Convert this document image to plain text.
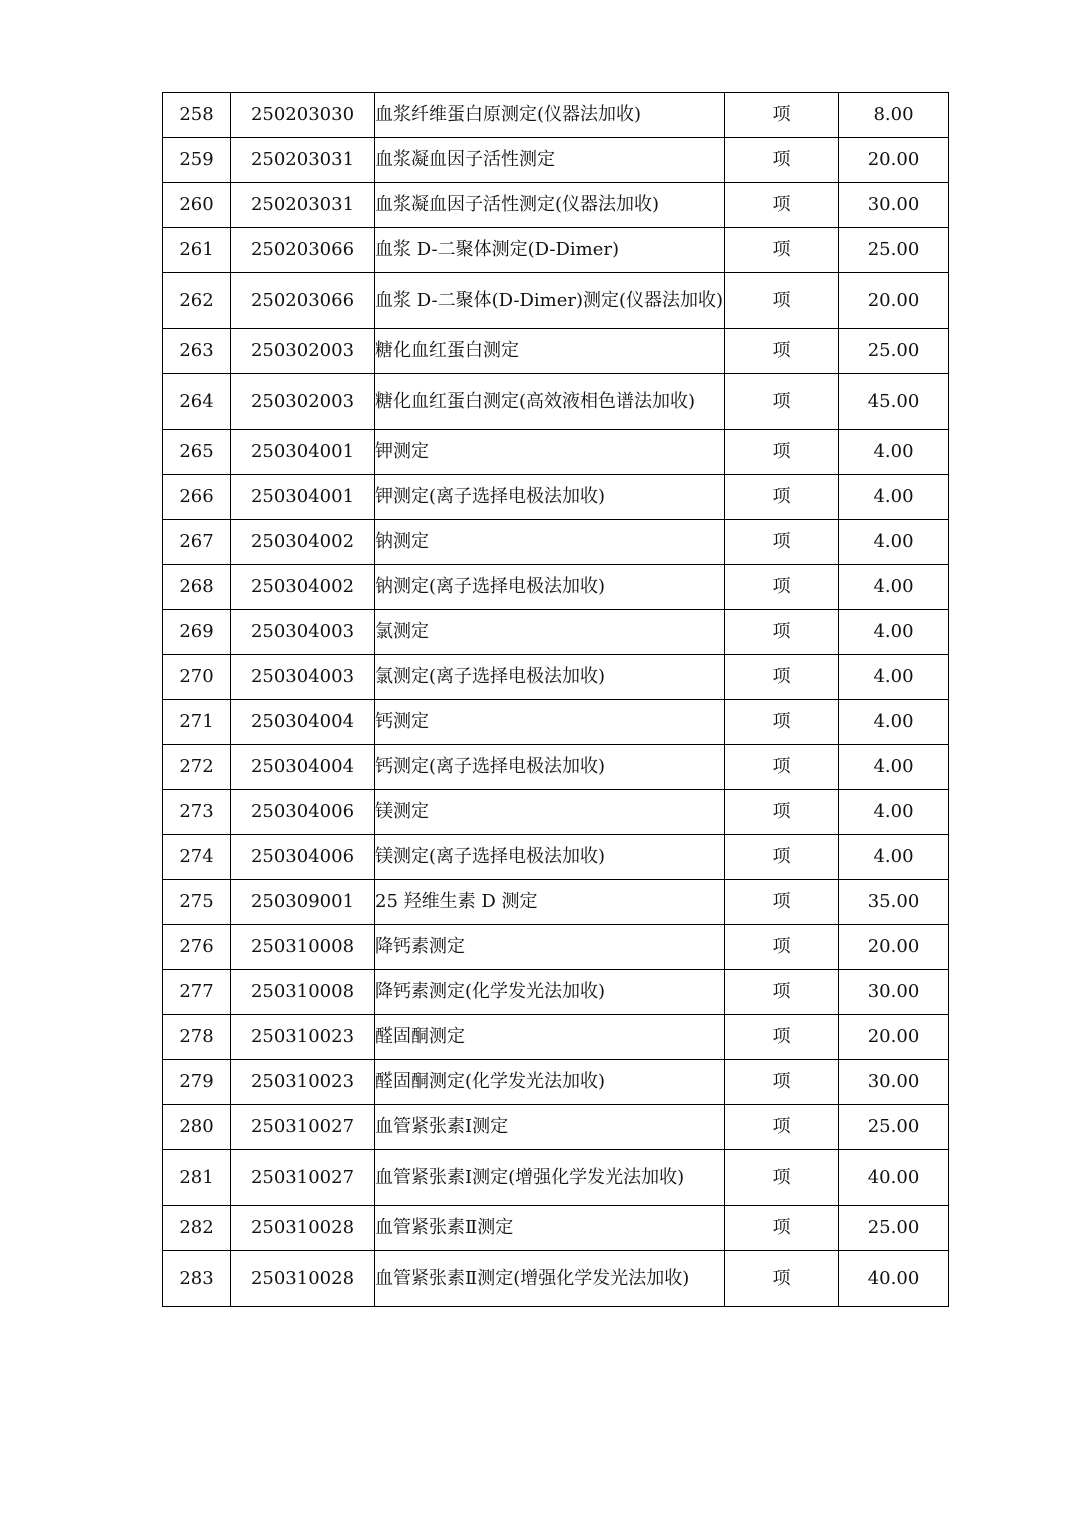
258	250203030	血浆纤维蛋白原测定(仪器法加收)	项	8.00
259	250203031	血浆凝血因子活性测定	项	20.00
260	250203031	血浆凝血因子活性测定(仪器法加收)	项	30.00
261	250203066	血浆 D-二聚体测定(D-Dimer)	项	25.00
262	250203066	血浆 D-二聚体(D-Dimer)测定(仪器法加收)	项	20.00
263	250302003	糖化血红蛋白测定	项	25.00
264	250302003	糖化血红蛋白测定(高效液相色谱法加收)	项	45.00
265	250304001	钾测定	项	4.00
266	250304001	钾测定(离子选择电极法加收)	项	4.00
267	250304002	钠测定	项	4.00
268	250304002	钠测定(离子选择电极法加收)	项	4.00
269	250304003	氯测定	项	4.00
270	250304003	氯测定(离子选择电极法加收)	项	4.00
271	250304004	钙测定	项	4.00
272	250304004	钙测定(离子选择电极法加收)	项	4.00
273	250304006	镁测定	项	4.00
274	250304006	镁测定(离子选择电极法加收)	项	4.00
275	250309001	25 羟维生素 D 测定	项	35.00
276	250310008	降钙素测定	项	20.00
277	250310008	降钙素测定(化学发光法加收)	项	30.00
278	250310023	醛固酮测定	项	20.00
279	250310023	醛固酮测定(化学发光法加收)	项	30.00
280	250310027	血管紧张素Ⅰ测定	项	25.00
281	250310027	血管紧张素Ⅰ测定(增强化学发光法加收)	项	40.00
282	250310028	血管紧张素Ⅱ测定	项	25.00
283	250310028	血管紧张素Ⅱ测定(增强化学发光法加收)	项	40.00
